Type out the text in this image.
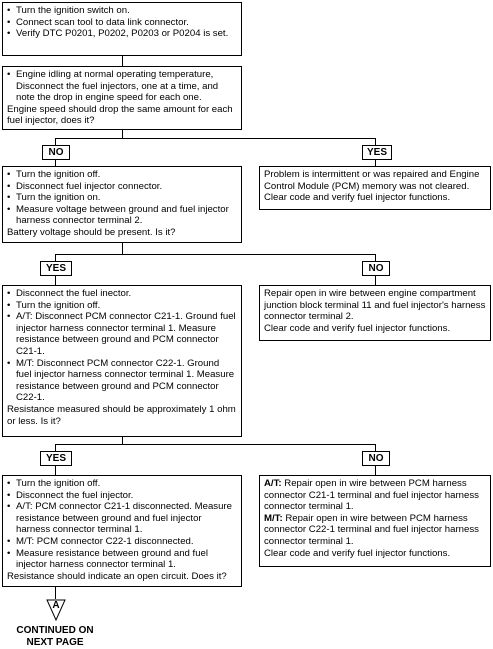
• Turn the ignition switch on.
• Connect scan tool to data link connector.
• Verify DTC P0201, P0202, P0203 or P0204 is set.
• Engine idling at normal operating temperature, Disconnect the fuel injectors, one at a time, and note the drop in engine speed for each one.

Engine speed should drop the same amount for each fuel injector, does it?

NO	YES
• Turn the ignition off.
• Disconnect fuel injector connector.
• Turn the ignition on.
• Measure voltage between ground and fuel injector harness connector terminal 2.

Battery voltage should be present. Is it?

Problem is intermittent or was repaired and Engine Control Module (PCM) memory was not cleared. Clear code and verify fuel injector functions.

YES	NO
• Disconnect the fuel inector.
• Turn the ignition off.
• A/T: Disconnect PCM connector C21-1. Ground fuel injector harness connector terminal 1. Measure resistance between ground and PCM connector C21-1.
• M/T: Disconnect PCM connector C22-1. Ground fuel injector harness connector terminal 1. Measure resistance between ground and PCM connector C22-1.

Resistance measured should be approximately 1 ohm or less. Is it?

Repair open in wire between engine compartment junction block terminal 11 and fuel injector's harness connector terminal 2.

Clear code and verify fuel injector functions.

YES	NO
• Turn the ignition off.
• Disconnect the fuel injector.
• A/T: PCM connector C21-1 disconnected. Measure resistance between ground and fuel injector harness connector terminal 1.
• M/T: PCM connector C22-1 disconnected.
• Measure resistance between ground and fuel injector harness connector terminal 1.

Resistance should indicate an open circuit. Does it?

A/T: Repair open in wire between PCM harness connector C21-1 terminal and fuel injector harness connector terminal 1.

M/T: Repair open in wire between PCM harness connector C22-1 terminal and fuel injector harness connector terminal 1.

Clear code and verify fuel injector functions.

A
CONTINUED ON
NEXT PAGE
